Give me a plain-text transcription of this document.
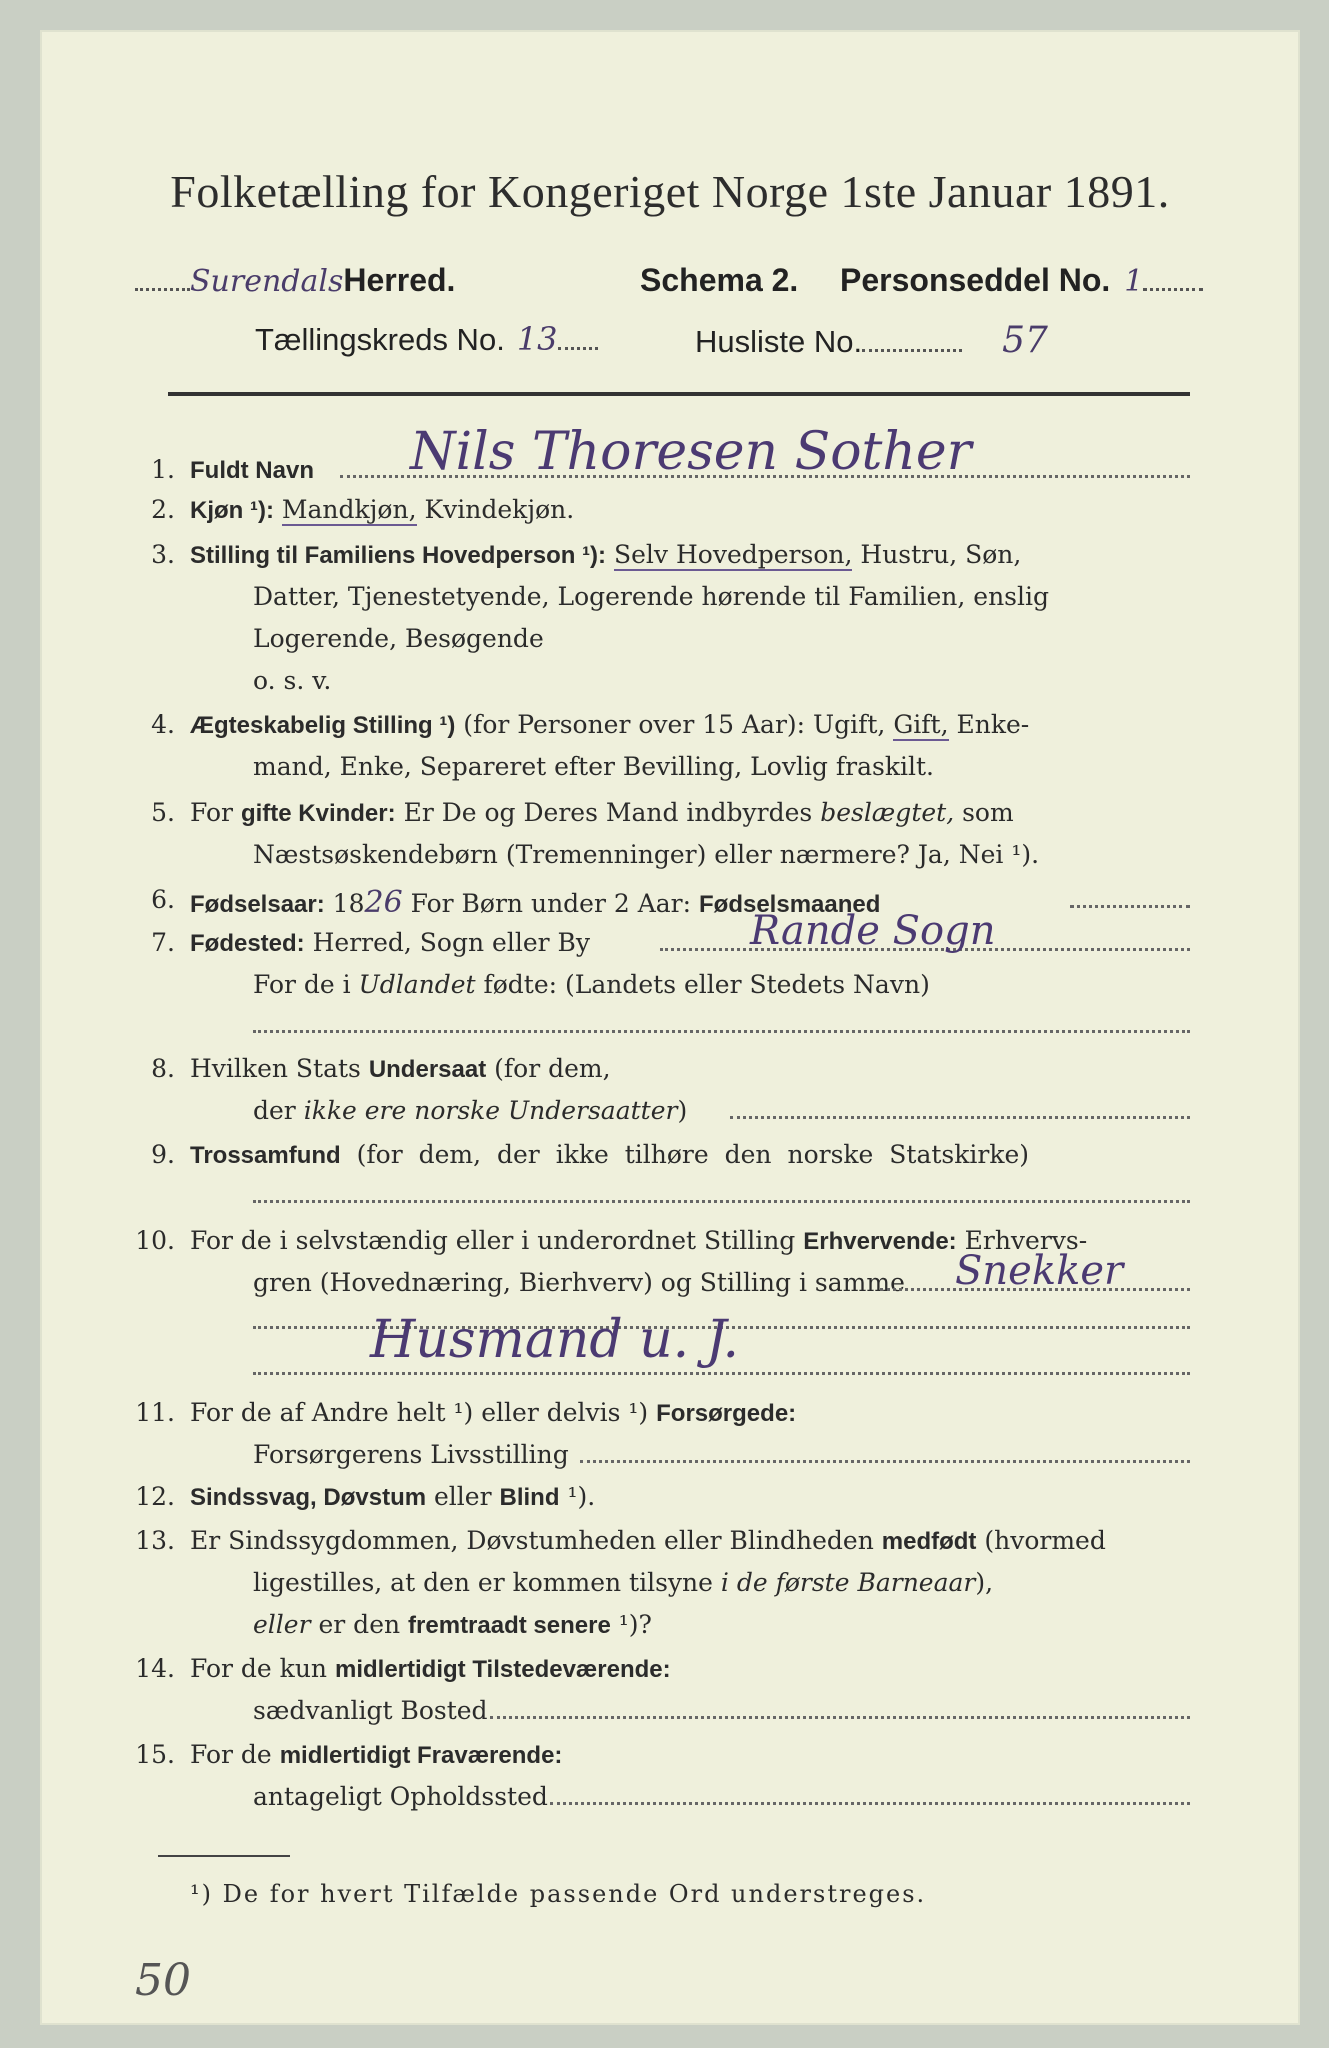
Folketælling for Kongeriget Norge 1ste Januar 1891.
SurendalsHerred.	Schema 2. Personseddel No. 1
Tællingskreds No. 13	Husliste No.	57
1. Fuldt Navn Nils Thoresen Sother
2. Kjøn ¹): Mandkjøn, Kvindekjøn.
3. Stilling til Familiens Hovedperson ¹): Selv Hovedperson, Hustru, Søn,
Datter, Tjenestetyende, Logerende hørende til Familien, enslig
Logerende, Besøgende
o. s. v.
4. Ægteskabelig Stilling ¹) (for Personer over 15 Aar): Ugift, Gift, Enke-
mand, Enke, Separeret efter Bevilling, Lovlig fraskilt.
5. For gifte Kvinder: Er De og Deres Mand indbyrdes beslægtet, som
Næstsøskendebørn (Tremenninger) eller nærmere? Ja, Nei ¹).
6. Fødselsaar: 1826 For Børn under 2 Aar: Fødselsmaaned
7. Fødested: Herred, Sogn eller By	Rande Sogn
For de i Udlandet fødte: (Landets eller Stedets Navn)
8. Hvilken Stats Undersaat (for dem,
der ikke ere norske Undersaatter)
9. Trossamfund (for dem, der ikke tilhøre den norske Statskirke)
10. For de i selvstændig eller i underordnet Stilling Erhvervende: Erhvervs-
gren (Hovednæring, Bierhverv) og Stilling i samme Snekker
Husmand u. J.
11. For de af Andre helt ¹) eller delvis ¹) Forsørgede:
Forsørgerens Livsstilling
12. Sindssvag, Døvstum eller Blind ¹).
13. Er Sindssygdommen, Døvstumheden eller Blindheden medfødt (hvormed
ligestilles, at den er kommen tilsyne i de første Barneaar),
eller er den fremtraadt senere ¹)?
14. For de kun midlertidigt Tilstedeværende:
sædvanligt Bosted
15. For de midlertidigt Fraværende:
antageligt Opholdssted
¹) De for hvert Tilfælde passende Ord understreges.
50
